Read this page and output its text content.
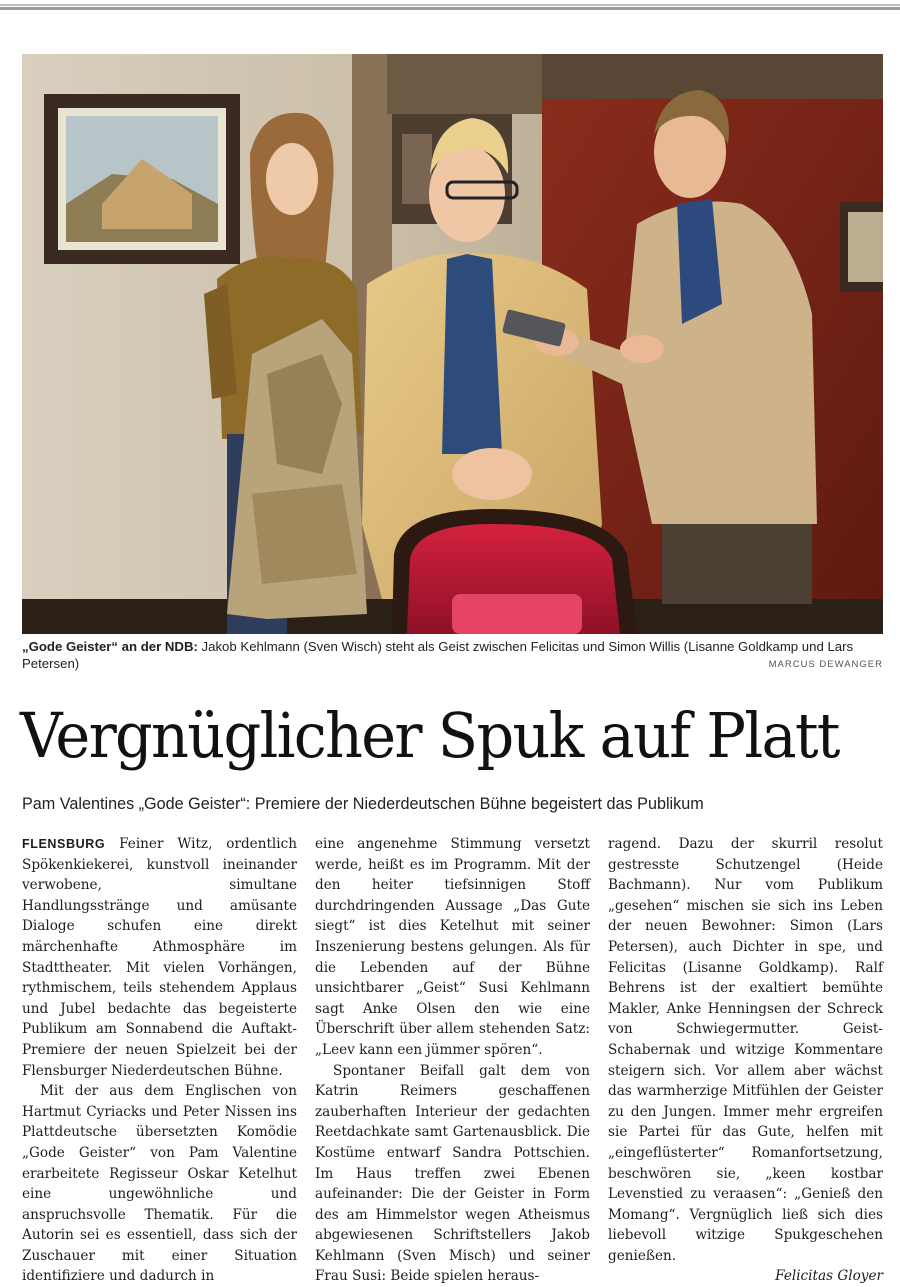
„Gode Geister“ an der NDB: Jakob Kehlmann (Sven Wisch) steht als Geist zwischen Felicitas und Simon Willis (Lisanne Goldkamp und Lars Petersen)	MARCUS DEWANGER
Vergnüglicher Spuk auf Platt
Pam Valentines „Gode Geister“: Premiere der Niederdeutschen Bühne begeistert das Publikum

FLENSBURG Feiner Witz, ordentlich Spökenkiekerei, kunstvoll ineinander verwobene, simultane Handlungsstränge und amüsante Dialoge schufen eine direkt märchenhafte Athmosphäre im Stadttheater. Mit vielen Vorhängen, rythmischem, teils stehendem Applaus und Jubel bedachte das begeisterte Publikum am Sonnabend die Auftakt-Premiere der neuen Spielzeit bei der Flensburger Niederdeutschen Bühne.

Mit der aus dem Englischen von Hartmut Cyriacks und Peter Nissen ins Plattdeutsche übersetzten Komödie „Gode Geister“ von Pam Valentine erarbeitete Regisseur Oskar Ketelhut eine ungewöhnliche und anspruchsvolle Thematik. Für die Autorin sei es essentiell, dass sich der Zuschauer mit einer Situation identifiziere und dadurch in

eine angenehme Stimmung versetzt werde, heißt es im Programm. Mit der den heiter tiefsinnigen Stoff durchdringenden Aussage „Das Gute siegt“ ist dies Ketelhut mit seiner Inszenierung bestens gelungen. Als für die Lebenden auf der Bühne unsichtbarer „Geist“ Susi Kehlmann sagt Anke Olsen den wie eine Überschrift über allem stehenden Satz: „Leev kann een jümmer spören“.

Spontaner Beifall galt dem von Katrin Reimers geschaffenen zauberhaften Interieur der gedachten Reetdachkate samt Gartenausblick. Die Kostüme entwarf Sandra Pottschien. Im Haus treffen zwei Ebenen aufeinander: Die der Geister in Form des am Himmelstor wegen Atheismus abgewiesenen Schriftstellers Jakob Kehlmann (Sven Misch) und seiner Frau Susi: Beide spielen heraus-

ragend. Dazu der skurril resolut gestresste Schutzengel (Heide Bachmann). Nur vom Publikum „gesehen“ mischen sie sich ins Leben der neuen Bewohner: Simon (Lars Petersen), auch Dichter in spe, und Felicitas (Lisanne Goldkamp). Ralf Behrens ist der exaltiert bemühte Makler, Anke Henningsen der Schreck von Schwiegermutter. Geist-Schabernak und witzige Kommentare steigern sich. Vor allem aber wächst das warmherzige Mitfühlen der Geister zu den Jungen. Immer mehr ergreifen sie Partei für das Gute, helfen mit „eingeflüsterter“ Romanfortsetzung, beschwören sie, „keen kostbar Levenstied zu veraasen“: „Genieß den Momang“. Vergnüglich ließ sich dies liebevoll witzige Spukgeschehen genießen.

Felicitas Gloyer
